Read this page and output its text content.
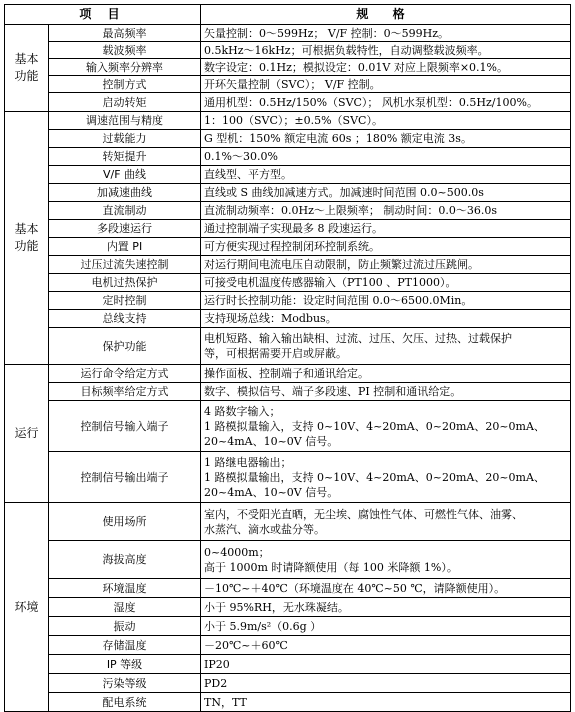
项 目		规 格
基本
功能	最高频率	矢量控制：0～599Hz； V/F 控制：0～599Hz。
	载波频率	0.5kHz～16kHz；可根据负载特性，自动调整载波频率。
	输入频率分辨率	数字设定：0.1Hz；模拟设定：0.01V 对应上限频率×0.1%。
	控制方式	开环矢量控制（SVC）； V/F 控制。
	启动转矩	通用机型：0.5Hz/150%（SVC）； 风机水泵机型：0.5Hz/100%。
基本
功能	调速范围与精度	1：100（SVC）；±0.5%（SVC）。
	过载能力	G 型机：150% 额定电流 60s ；180% 额定电流 3s。
	转矩提升	0.1%～30.0%
	V/F 曲线	直线型、平方型。
	加减速曲线	直线或 S 曲线加减速方式。加减速时间范围 0.0~500.0s
	直流制动	直流制动频率：0.0Hz～上限频率； 制动时间：0.0～36.0s
	多段速运行	通过控制端子实现最多 8 段速运行。
	内置 PI	可方便实现过程控制闭环控制系统。
	过压过流失速控制	对运行期间电流电压自动限制，防止频繁过流过压跳闸。
	电机过热保护	可接受电机温度传感器输入（PT100 、PT1000）。
	定时控制	运行时长控制功能：设定时间范围 0.0～6500.0Min。
	总线支持	支持现场总线：Modbus。
	保护功能	电机短路、输入输出缺相、过流、过压、欠压、过热、过载保护
等，可根据需要开启或屏蔽。
运行	运行命令给定方式	操作面板、控制端子和通讯给定。
	目标频率给定方式	数字、模拟信号、端子多段速、PI 控制和通讯给定。
	控制信号输入端子	4 路数字输入；
1 路模拟量输入，支持 0~10V、4~20mA、0~20mA、20~0mA、
20~4mA、10~0V 信号。
	控制信号输出端子	1 路继电器输出；
1 路模拟量输出，支持 0~10V、4~20mA、0~20mA、20~0mA、
20~4mA、10~0V 信号。
环境	使用场所	室内，不受阳光直晒，无尘埃、腐蚀性气体、可燃性气体、油雾、
水蒸汽、滴水或盐分等。
	海拔高度	0~4000m；
高于 1000m 时请降额使用（每 100 米降额 1%）。
	环境温度	－10℃~＋40℃（环境温度在 40℃~50 ℃，请降额使用）。
	湿度	小于 95%RH，无水珠凝结。
	振动	小于 5.9m/s²（0.6g ）
	存储温度	－20℃~＋60℃
	IP 等级	IP20
	污染等级	PD2
	配电系统	TN，TT
